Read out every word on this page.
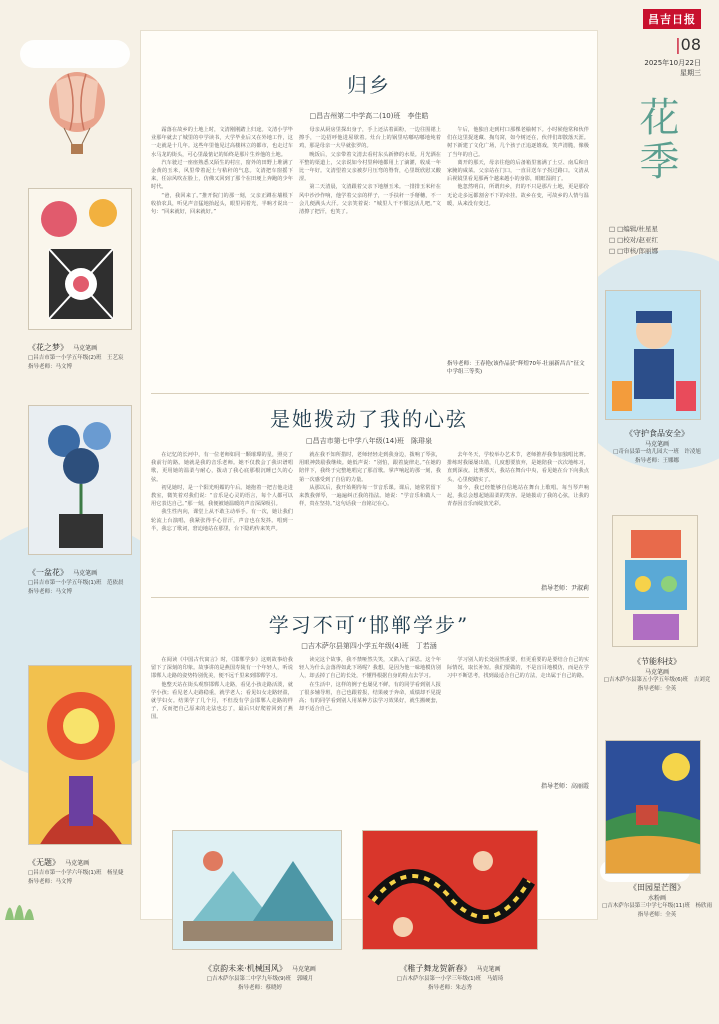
昌吉日报
|08
2025年10月22日
星期三
花季
□ □编辑/杜星星
□ □校对/赵亚红
□ □审核/郎丽娜
归乡
□昌吉州第二中学高二(10)班　李佳皓

霜落在故乡的土地上时，文清刚刚踏上归途。文清小学毕业那年就去了城里的中学读书，大学毕业后又在外地工作，这一走就是十几年。这些年里他见过高楼林立的都市，也走过车水马龙的街头，可心里最惦记的始终是那片生养他的土地。

汽车驶过一座座熟悉又陌生的村庄，窗外的田野上堆满了金黄的玉米，风里带着泥土与秸秆的气息。文清把车窗摇下来，任凉风吹在脸上，仿佛又回到了那个在田埂上奔跑的少年时代。

“爸，我回来了。”推开院门的那一刻，父亲正蹲在墙根下收拾农具，听见声音猛地抬起头，眼里闪着光，半晌才说出一句：“回来就好，回来就好。”

母亲从厨房里探出身子，手上还沾着面粉，一边往围裙上擦手，一边招呼他进屋歇着。灶台上的锅里咕嘟咕嘟地炖着鸡，那是母亲一大早就张罗的。

晚饭后，父亲带着文清去看村东头新修的水渠。月光洒在平整的渠道上，父亲说如今村里种地都用上了滴灌，收成一年比一年好。文清望着父亲被岁月压弯的脊背，心里既欣慰又酸涩。

第二天清晨，文清跟着父亲下地掰玉米。一排排玉米秆在风中沙沙作响，他学着父亲的样子，一手扶秆一手掰穗，不一会儿便满头大汗。父亲笑着说：“城里人干不惯这活儿吧。”文清擦了把汗，也笑了。

午后，他独自走到村口那棵老榆树下。小时候他常和伙伴们在这里捉迷藏、掏鸟窝，如今树还在，伙伴们却散落天涯。树下新建了文化广场，几个孩子正追逐嬉戏，笑声清脆，像极了当年的自己。

离开的那天，母亲往他的后备箱里塞满了土豆、南瓜和自家腌的咸菜。父亲站在门口，一直目送车子拐过路口。文清从后视镜里看见那两个越来越小的身影，眼眶湿润了。

他忽然明白，所谓归乡，归的不只是那片土地，更是那份无论走多远都割舍不下的牵挂。故乡在变，可故乡的人情与温暖，从来没有变过。

指导老师：王春艳(该作品获“辉煌70年·壮丽新昌吉”征文中学组三等奖)
是她拨动了我的心弦
□昌吉市第七中学八年级(14)班　陈琲泉

在记忆的长河中，有一位老师如同一颗璀璨的星，照亮了我前行的路。她就是我的音乐老师。她不仅教会了我识谱唱歌，更用她的温柔与耐心，拨动了我心底那根沉睡已久的心弦。

初见她时，是一个阳光明媚的午后。她抱着一把吉他走进教室，微笑着对我们说：“音乐是心灵的语言，每个人都可以用它表达自己。”那一刻，我便被她温暖的声音深深吸引。

我生性内向，课堂上从不敢主动举手。有一次，她让我们轮流上台演唱，我紧张得手心冒汗，声音也在发抖。唱到一半，我忘了歌词，窘迫地站在那里，台下隐约传来笑声。

就在我不知所措时，老师轻轻走到我身边，拨响了琴弦，用眼神鼓励我继续。她低声说：“别怕，跟着旋律走。”在她的陪伴下，我终于完整地唱完了那首歌。掌声响起的那一刻，我第一次感受到了自信的力量。

从那以后，我开始期待每一节音乐课。课后，她常常留下来教我弹琴，一遍遍纠正我的指法。她说：“学音乐和做人一样，贵在坚持。”这句话我一直铭记在心。

去年冬天，学校举办艺术节，老师推荐我参加独唱比赛。排练时我屡屡出错，几度想要放弃，是她陪我一次次地练习，直到深夜。比赛那天，我站在舞台中央，看见她在台下向我点头，心里便踏实了。

如今，我已经能够自信地站在舞台上歌唱。每当琴声响起，我总会想起她温柔的笑容。是她拨动了我的心弦，让我的青春因音乐而绽放光彩。

指导老师：尹淑莉
学习不可“邯郸学步”
□吉木萨尔县第四小学五年级(4)班　丁若涵

在阅读《中国古代寓言》时，《邯郸学步》这则故事给我留下了深刻的印象。故事讲的是燕国寿陵有一个年轻人，听说邯郸人走路的姿势特别优美，便不远千里来到邯郸学习。

他整天站在街头观察邯郸人走路，看见小孩走路活泼，就学小孩；看见老人走路稳重，就学老人；看见妇女走路轻盈，就学妇女。结果学了几个月，不但没有学会邯郸人走路的样子，反而把自己原来的走法也忘了，最后只好爬着回到了燕国。

读完这个故事，我不禁哑然失笑，又陷入了深思。这个年轻人为什么会落得如此下场呢？我想，是因为他一味地模仿别人，却丢掉了自己的长处，不懂得根据自身的特点去学习。

在生活中，这样的例子也屡见不鲜。有的同学看到别人报了很多辅导班，自己也跟着报，结果疲于奔命，成绩却不见提高；有的同学看到别人用某种方法学习效果好，就生搬硬套，却不适合自己。

学习别人的长处固然重要，但更重要的是要结合自己的实际情况，取长补短。我们要做的，不是盲目地模仿，而是在学习中不断思考，找到最适合自己的方法，走出属于自己的路。

指导老师：高丽霞
《花之梦》 马克笔画
□昌吉市第一小学五年级(2)班　王艺宸
指导老师：马文博
《一盆花》 马克笔画
□昌吉市第一小学五年级(1)班　范依晨
指导老师：马文博
《无题》 马克笔画
□昌吉市第一小学六年级(1)班　杨星婕
指导老师：马文博
《守护食品安全》
马克笔画
□奇台县第一幼儿园大一班　许凌旭
指导老师：王娜娜
《节能科技》
马克笔画
□吉木萨尔县第五小学五年级(6)班　吉刘竞
指导老师：全英
《田园星芒图》
水粉画
□吉木萨尔县第三中学七年级(11)班　杨欣雨
指导老师：全英
《京韵未来·机械国风》 马克笔画
□吉木萨尔县第二中学九年级(9)班　郭曦月
指导老师：蔡晓婷
《稚子舞龙贺新春》 马克笔画
□吉木萨尔县第一小学三年级(1)班　马婧琦
指导老师：朱志秀
